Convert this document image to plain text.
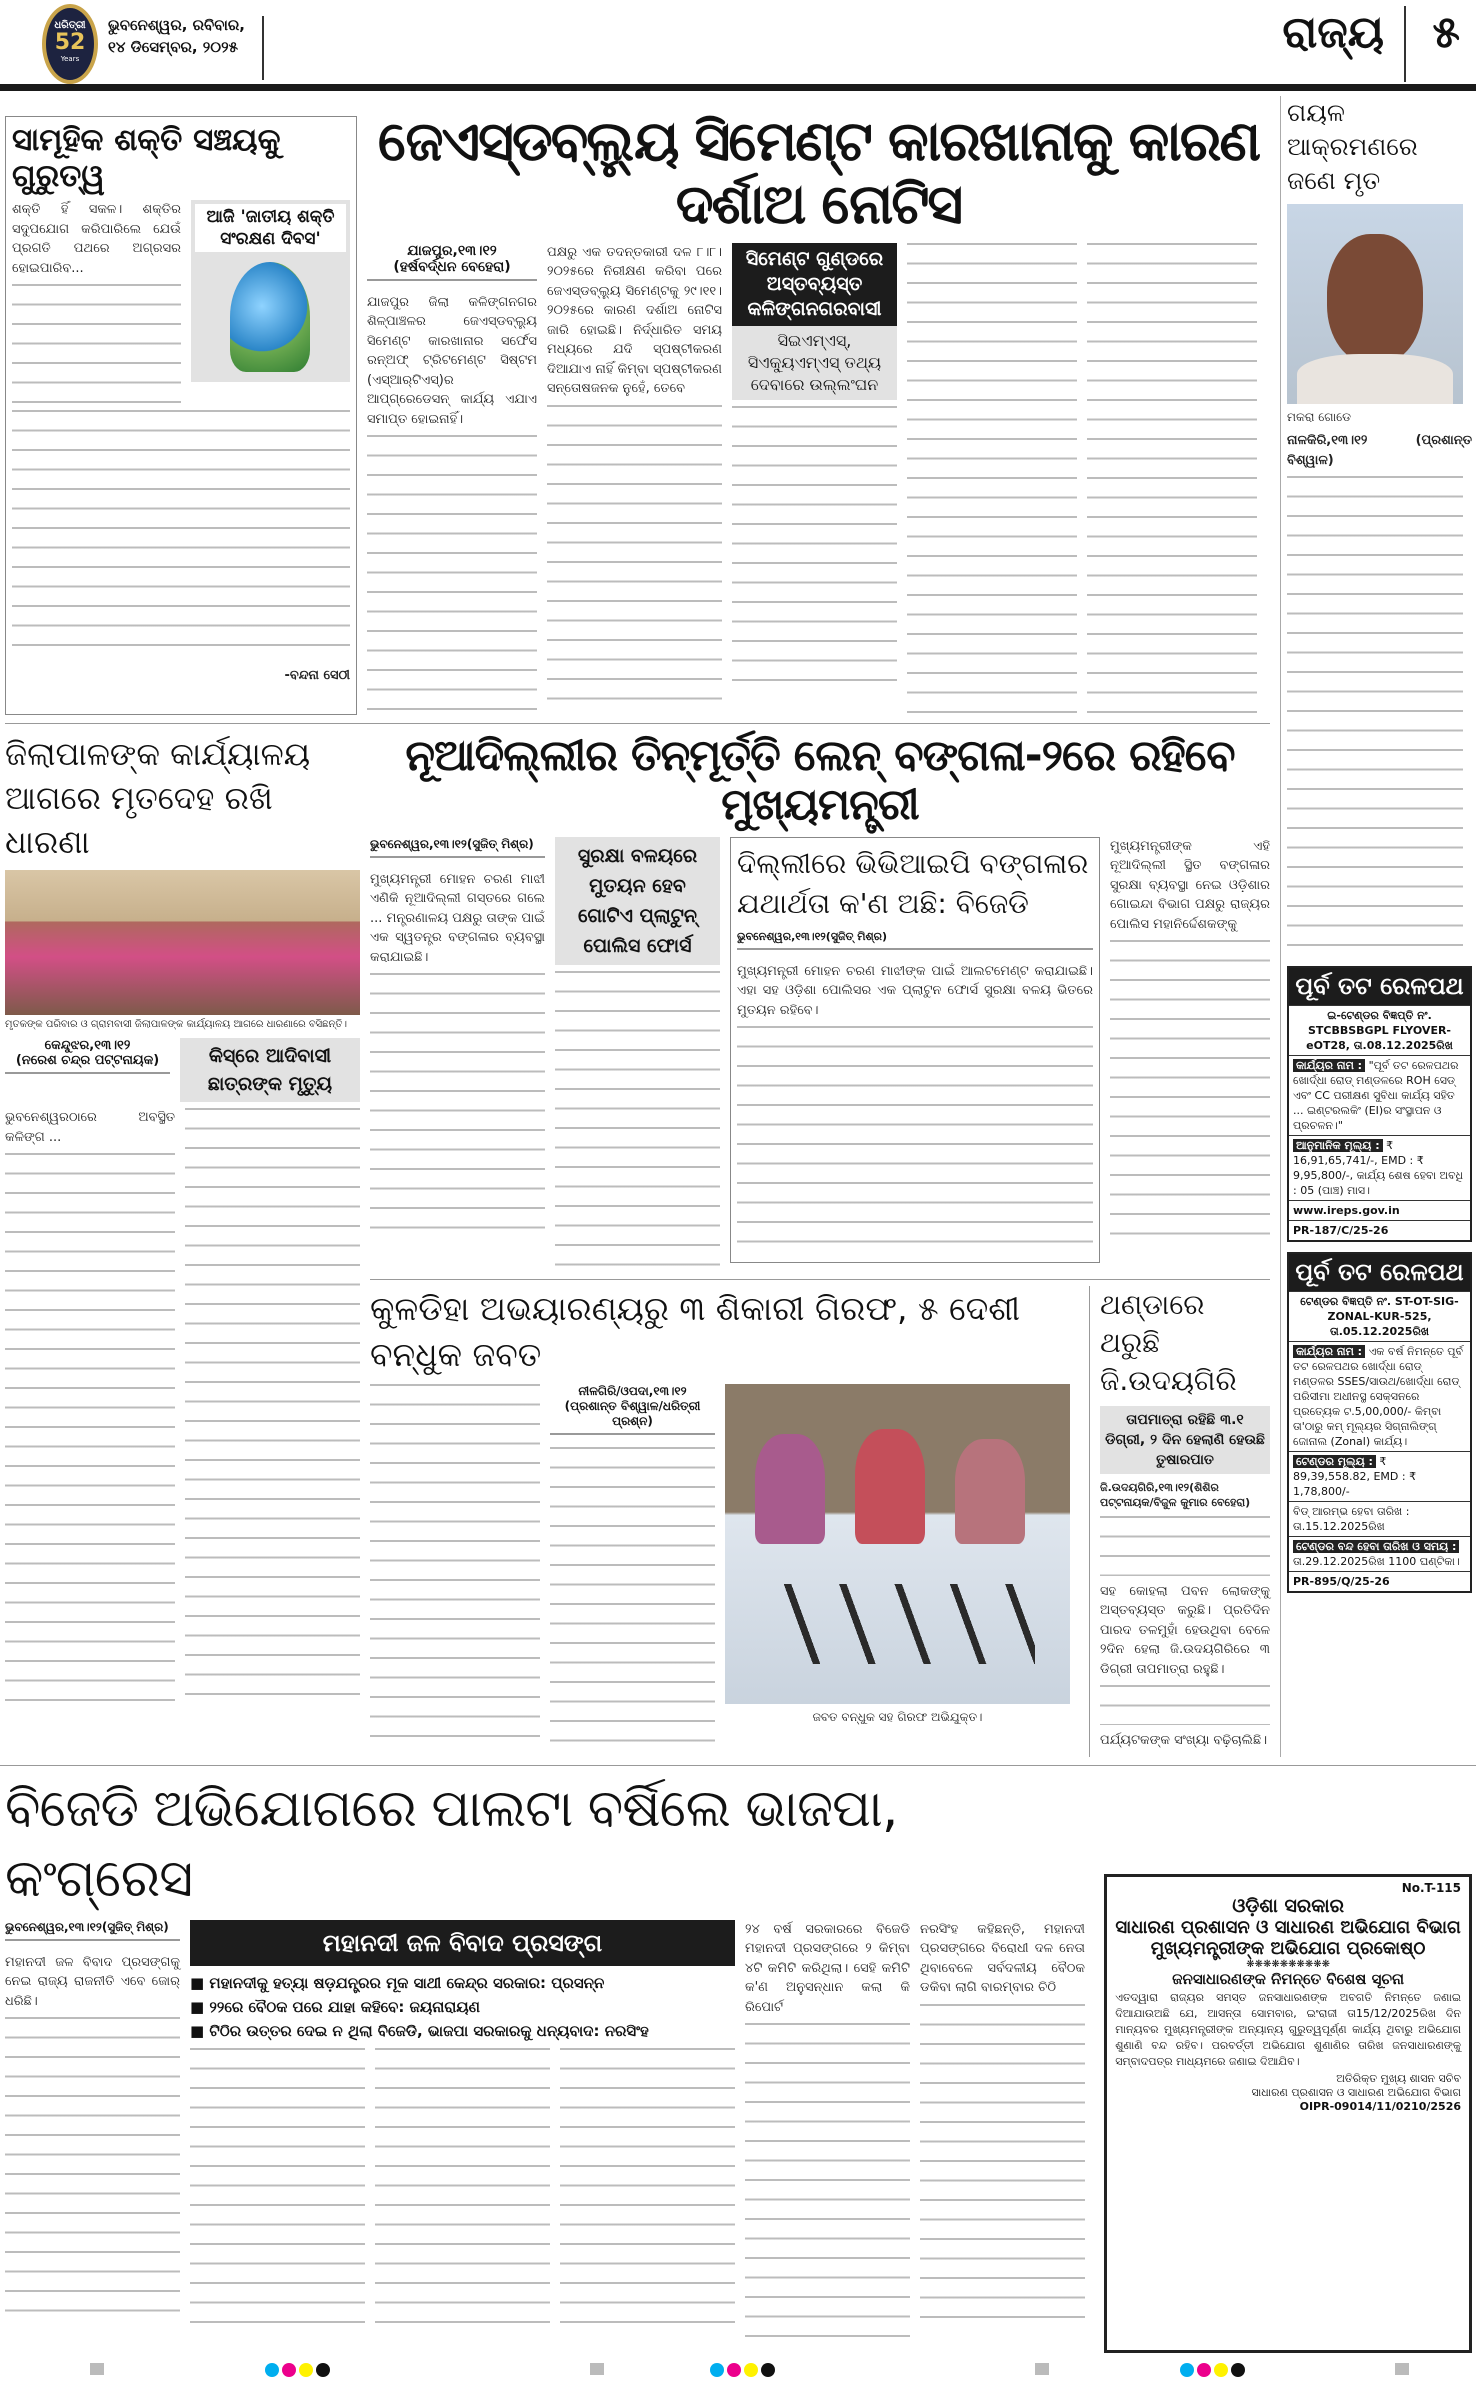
ଧରିତ୍ରୀ
52
Years
ଭୁବନେଶ୍ୱର, ରବିବାର,
୧୪ ଡିସେମ୍ବର, ୨୦୨୫	ରାଜ୍ୟ ୫
ସାମୂହିକ ଶକ୍ତି ସଞ୍ଚୟକୁ ଗୁରୁତ୍ୱ
ଶକ୍ତି ହିଁ ସକଳ। ଶକ୍ତିର ସଦୁପଯୋଗ କରିପାରିଲେ ଯେଉଁ ପ୍ରଗତି ପଥରେ ଅଗ୍ରସର ହୋଇପାରିବ...
ଆଜି 'ଜାତୀୟ ଶକ୍ତି ସଂରକ୍ଷଣ ଦିବସ'
-ବନ୍ଦନା ସେଠୀ
ଜେଏସ୍‌ଡବ୍ଲ୍ୟୁ ସିମେଣ୍ଟ କାରଖାନାକୁ କାରଣ ଦର୍ଶାଅ ନୋଟିସ
ଯାଜପୁର,୧୩।୧୨
(ହର୍ଷବର୍ଦ୍ଧନ ବେହେରା)
ଯାଜପୁର ଜିଲା କଳିଙ୍ଗନଗର ଶିଳ୍ପାଞ୍ଚଳର ଜେଏସ୍‌ଡବ୍ଲ୍ୟୁ ସିମେଣ୍ଟ କାରଖାନାର ସର୍ଫେସ ରନ୍‌ଅଫ୍ ଟ୍ରିଟମେଣ୍ଟ ସିଷ୍ଟମ (ଏସ୍‌ଆର୍‌ଟିଏସ୍)ର ଆପ୍‌ଗ୍ରେଡେସନ୍ କାର୍ଯ୍ୟ ଏଯାଏ ସମାପ୍ତ ହୋଇନାହିଁ।
ପକ୍ଷରୁ ଏକ ତଦନ୍ତକାରୀ ଦଳ ୮।୮।୨୦୨୫ରେ ନିରୀକ୍ଷଣ କରିବା ପରେ ଜେଏସ୍‌ଡବ୍ଲ୍ୟୁ ସିମେଣ୍ଟକୁ ୨୯।୧୧।୨୦୨୫ରେ କାରଣ ଦର୍ଶାଅ ନୋଟିସ ଜାରି ହୋଇଛି। ନିର୍ଦ୍ଧାରିତ ସମୟ ମଧ୍ୟରେ ଯଦି ସ୍ପଷ୍ଟୀକରଣ ଦିଆଯାଏ ନାହିଁ କିମ୍ବା ସ୍ପଷ୍ଟୀକରଣ ସନ୍ତୋଷଜନକ ନୁହେଁ, ତେବେ
ସିମେଣ୍ଟ ଗୁଣ୍ଡରେ ଅସ୍ତବ୍ୟସ୍ତ କଳିଙ୍ଗନଗରବାସୀ
ସିଇଏମ୍‌ଏସ୍, ସିଏକ୍ୟୁଏମ୍‌ଏସ୍ ତଥ୍ୟ ଦେବାରେ ଉଲ୍ଲଂଘନ
ଜିଲାପାଳଙ୍କ କାର୍ଯ୍ୟାଳୟ ଆଗରେ ମୃତଦେହ ରଖି ଧାରଣା
ମୃତକଙ୍କ ପରିବାର ଓ ଗ୍ରାମବାସୀ ଜିଲାପାଳଙ୍କ କାର୍ଯ୍ୟାଳୟ ଆଗରେ ଧାରଣାରେ ବସିଛନ୍ତି।
କେନ୍ଦୁଝର,୧୩।୧୨
(ନରେଶ ଚନ୍ଦ୍ର ପଟ୍ଟନାୟକ)	କିସ୍‌ରେ ଆଦିବାସୀ ଛାତ୍ରଙ୍କ ମୃତ୍ୟୁ
ଭୁବନେଶ୍ୱରଠାରେ ଅବସ୍ଥିତ କଳିଙ୍ଗ ...
ନୂଆଦିଲ୍ଲୀର ତିନ୍‌ମୂର୍ତ୍ତି ଲେନ୍ ବଙ୍ଗଳା-୨ରେ ରହିବେ ମୁଖ୍ୟମନ୍ତ୍ରୀ
ଭୁବନେଶ୍ୱର,୧୩।୧୨(ସୁଜିତ୍ ମିଶ୍ର)
ମୁଖ୍ୟମନ୍ତ୍ରୀ ମୋହନ ଚରଣ ମାଝୀ ଏଣିକି ନୂଆଦିଲ୍ଲୀ ଗସ୍ତରେ ଗଲେ ... ମନ୍ତ୍ରଣାଳୟ ପକ୍ଷରୁ ତାଙ୍କ ପାଇଁ ଏକ ସ୍ୱତନ୍ତ୍ର ବଙ୍ଗଳାର ବ୍ୟବସ୍ଥା କରାଯାଇଛି।
ସୁରକ୍ଷା ବଳୟରେ ମୁତୟନ ହେବ ଗୋଟିଏ ପ୍ଲାଟୁନ୍ ପୋଲିସ ଫୋର୍ସ
ଦିଲ୍ଲୀରେ ଭିଭିଆଇପି ବଙ୍ଗଳାର ଯଥାର୍ଥତା କ'ଣ ଅଛି: ବିଜେଡି
ଭୁବନେଶ୍ୱର,୧୩।୧୨(ସୁଜିତ୍ ମିଶ୍ର)
ମୁଖ୍ୟମନ୍ତ୍ରୀ ମୋହନ ଚରଣ ମାଝୀଙ୍କ ପାଇଁ ଆଲଟମେଣ୍ଟ କରାଯାଇଛି। ଏହା ସହ ଓଡ଼ିଶା ପୋଲିସର ଏକ ପ୍ଲାଟୁନ ଫୋର୍ସ ସୁରକ୍ଷା ବଳୟ ଭିତରେ ମୁତୟନ ରହିବେ।
ମୁଖ୍ୟମନ୍ତ୍ରୀଙ୍କ ଏହି ନୂଆଦିଲ୍ଲୀ ସ୍ଥିତ ବଙ୍ଗଳାର ସୁରକ୍ଷା ବ୍ୟବସ୍ଥା ନେଇ ଓଡ଼ିଶାର ଗୋଇନ୍ଦା ବିଭାଗ ପକ୍ଷରୁ ରାଜ୍ୟର ପୋଲିସ ମହାନିର୍ଦ୍ଦେଶକଙ୍କୁ
କୁଳଡିହା ଅଭୟାରଣ୍ୟରୁ ୩ ଶିକାରୀ ଗିରଫ, ୫ ଦେଶୀ ବନ୍ଧୁକ ଜବତ
ନୀଳଗିରି/ଓପଦା,୧୩।୧୨
(ପ୍ରଶାନ୍ତ ବିଶ୍ୱାଳ/ଧରିତ୍ରୀ ପ୍ରଶ୍ନ)
ଜବତ ବନ୍ଧୁକ ସହ ଗିରଫ ଅଭିଯୁକ୍ତ।
ଥଣ୍ଡାରେ ଥରୁଛି ଜି.ଉଦୟଗିରି
ତାପମାତ୍ରା ରହିଛି ୩.୧ ଡିଗ୍ରୀ, ୨ ଦିନ ହେଲାଣି ହେଉଛି ତୁଷାରପାତ
ଜି.ଉଦୟଗିରି,୧୩।୧୨(ଶିଶିର ପଟ୍ଟନାୟକ/ବିଜୁଳ କୁମାର ବେହେରା)
ସହ କୋହଲା ପବନ ଲୋକଙ୍କୁ ଅସ୍ତବ୍ୟସ୍ତ କରୁଛି। ପ୍ରତିଦିନ ପାରଦ ତଳମୁହାଁ ହେଉଥିବା ବେଳେ ୨ଦିନ ହେଲା ଜି.ଉଦୟଗିରିରେ ୩ ଡିଗ୍ରୀ ତାପମାତ୍ରା ରହୁଛି।
ପର୍ଯ୍ୟଟକଙ୍କ ସଂଖ୍ୟା ବଢ଼ିଚାଲିଛି।
ଗୟଳ ଆକ୍ରମଣରେ ଜଣେ ମୃତ
ମକରା ଗୋଡେ
ନାଳକିରି,୧୩।୧୨ (ପ୍ରଶାନ୍ତ ବିଶ୍ୱାଳ)
ପୂର୍ବ ତଟ ରେଳପଥ
ଇ-ଟେଣ୍ଡର ବିଜ୍ଞପ୍ତି ନଂ. STCBBSBGPL FLYOVER-eOT28, ତା.08.12.2025ରିଖ
କାର୍ଯ୍ୟର ନାମ : "ପୂର୍ବ ତଟ ରେଳପଥର ଖୋର୍ଦ୍ଧା ରୋଡ୍ ମଣ୍ଡଳରେ ROH ସେଡ୍ ଏବଂ CC ପରୀକ୍ଷଣ ସୁବିଧା କାର୍ଯ୍ୟ ସହିତ ... ଇଣ୍ଟରଲକିଂ (EI)ର ସଂସ୍ଥାପନ ଓ ପ୍ରଚଳନ।"
ଆନୁମାନିକ ମୂଲ୍ୟ : ₹ 16,91,65,741/-, EMD : ₹ 9,95,800/-, କାର୍ଯ୍ୟ ଶେଷ ହେବା ଅବଧି : 05 (ପାଞ୍ଚ) ମାସ।
www.ireps.gov.in
PR-187/C/25-26
ପୂର୍ବ ତଟ ରେଳପଥ
ଟେଣ୍ଡର ବିଜ୍ଞପ୍ତି ନଂ. ST-OT-SIG-ZONAL-KUR-525, ତା.05.12.2025ରିଖ
କାର୍ଯ୍ୟର ନାମ : ଏକ ବର୍ଷ ନିମନ୍ତେ ପୂର୍ବ ତଟ ରେଳପଥର ଖୋର୍ଦ୍ଧା ରୋଡ୍ ମଣ୍ଡଳର SSES/ସାଉଥ/ଖୋର୍ଦ୍ଧା ରୋଡ୍ ପରିସୀମା ଅଧୀନସ୍ଥ ସେକ୍ସନରେ ପ୍ରତ୍ୟେକ ଟ.5,00,000/- କିମ୍ବା ତା'ଠାରୁ କମ୍ ମୂଲ୍ୟର ସିଗ୍ନାଲିଙ୍ଗ୍ ଜୋନାଲ (Zonal) କାର୍ଯ୍ୟ।
ଟେଣ୍ଡର ମୂଲ୍ୟ : ₹ 89,39,558.82, EMD : ₹ 1,78,800/-
ବିଡ୍ ଆରମ୍ଭ ହେବା ତାରିଖ : ତା.15.12.2025ରିଖ
ଟେଣ୍ଡର ବନ୍ଦ ହେବା ତାରିଖ ଓ ସମୟ : ତା.29.12.2025ରିଖ 1100 ଘଣ୍ଟିକା।
PR-895/Q/25-26
ବିଜେଡି ଅଭିଯୋଗରେ ପାଲଟା ବର୍ଷିଲେ ଭାଜପା, କଂଗ୍ରେସ
ଭୁବନେଶ୍ୱର,୧୩।୧୨(ସୁଜିତ୍ ମିଶ୍ର)
ମହାନଦୀ ଜଳ ବିବାଦ ପ୍ରସଙ୍ଗକୁ ନେଇ ରାଜ୍ୟ ରାଜନୀତି ଏବେ ଜୋର୍ ଧରିଛି।
ମହାନଦୀ ଜଳ ବିବାଦ ପ୍ରସଙ୍ଗ
■ ମହାନଦୀକୁ ହତ୍ୟା ଷଡ଼ଯନ୍ତ୍ରର ମୂକ ସାଥୀ କେନ୍ଦ୍ର ସରକାର: ପ୍ରସନ୍ନ
■ ୨୨ରେ ବୈଠକ ପରେ ଯାହା କହିବେ: ଜୟନାରାୟଣ
■ ଟିଠିର ଉତ୍ତର ଦେଇ ନ ଥିଲା ବିଜେଡି, ଭାଜପା ସରକାରକୁ ଧନ୍ୟବାଦ: ନରସିଂହ
୨୪ ବର୍ଷ ସରକାରରେ ବିଜେଡି ମହାନଦୀ ପ୍ରସଙ୍ଗରେ ୨ କିମ୍ବା ୪ଟି କମିଟି କରିଥିଲା। ସେହି କମିଟି କ'ଣ ଅନୁସନ୍ଧାନ କଲା କି ରିପୋର୍ଟ
ନରସିଂହ କହିଛନ୍ତି, ମହାନଦୀ ପ୍ରସଙ୍ଗରେ ବିରୋଧୀ ଦଳ ନେତା ଥିବାବେଳେ ସର୍ବଦଳୀୟ ବୈଠକ ଡକିବା ଲାଗି ବାରମ୍ବାର ଚିଠି
No.T-115
ଓଡ଼ିଶା ସରକାର
ସାଧାରଣ ପ୍ରଶାସନ ଓ ସାଧାରଣ ଅଭିଯୋଗ ବିଭାଗ
ମୁଖ୍ୟମନ୍ତ୍ରୀଙ୍କ ଅଭିଯୋଗ ପ୍ରକୋଷ୍ଠ
❋❋❋❋❋❋❋❋❋❋
ଜନସାଧାରଣଙ୍କ ନିମନ୍ତେ ବିଶେଷ ସୂଚନା
ଏତଦ୍ୱାରା ରାଜ୍ୟର ସମସ୍ତ ଜନସାଧାରଣଙ୍କ ଅବଗତି ନିମନ୍ତେ ଜଣାଇ ଦିଆଯାଉଅଛି ଯେ, ଆସନ୍ତା ସୋମବାର, ଇଂରାଜୀ ତା15/12/2025ରିଖ ଦିନ ମାନ୍ୟବର ମୁଖ୍ୟମନ୍ତ୍ରୀଙ୍କ ଅନ୍ୟାନ୍ୟ ଗୁରୁତ୍ୱପୂର୍ଣ୍ଣ କାର୍ଯ୍ୟ ଥିବାରୁ ଅଭିଯୋଗ ଶୁଣାଣି ବନ୍ଦ ରହିବ। ପରବର୍ତ୍ତୀ ଅଭିଯୋଗ ଶୁଣାଣିର ତାରିଖ ଜନସାଧାରଣଙ୍କୁ ସମ୍ବାଦପତ୍ର ମାଧ୍ୟମରେ ଜଣାଇ ଦିଆଯିବ।
ଅତିରିକ୍ତ ମୁଖ୍ୟ ଶାସନ ସଚିବ
ସାଧାରଣ ପ୍ରଶାସନ ଓ ସାଧାରଣ ଅଭିଯୋଗ ବିଭାଗ
OIPR-09014/11/0210/2526
